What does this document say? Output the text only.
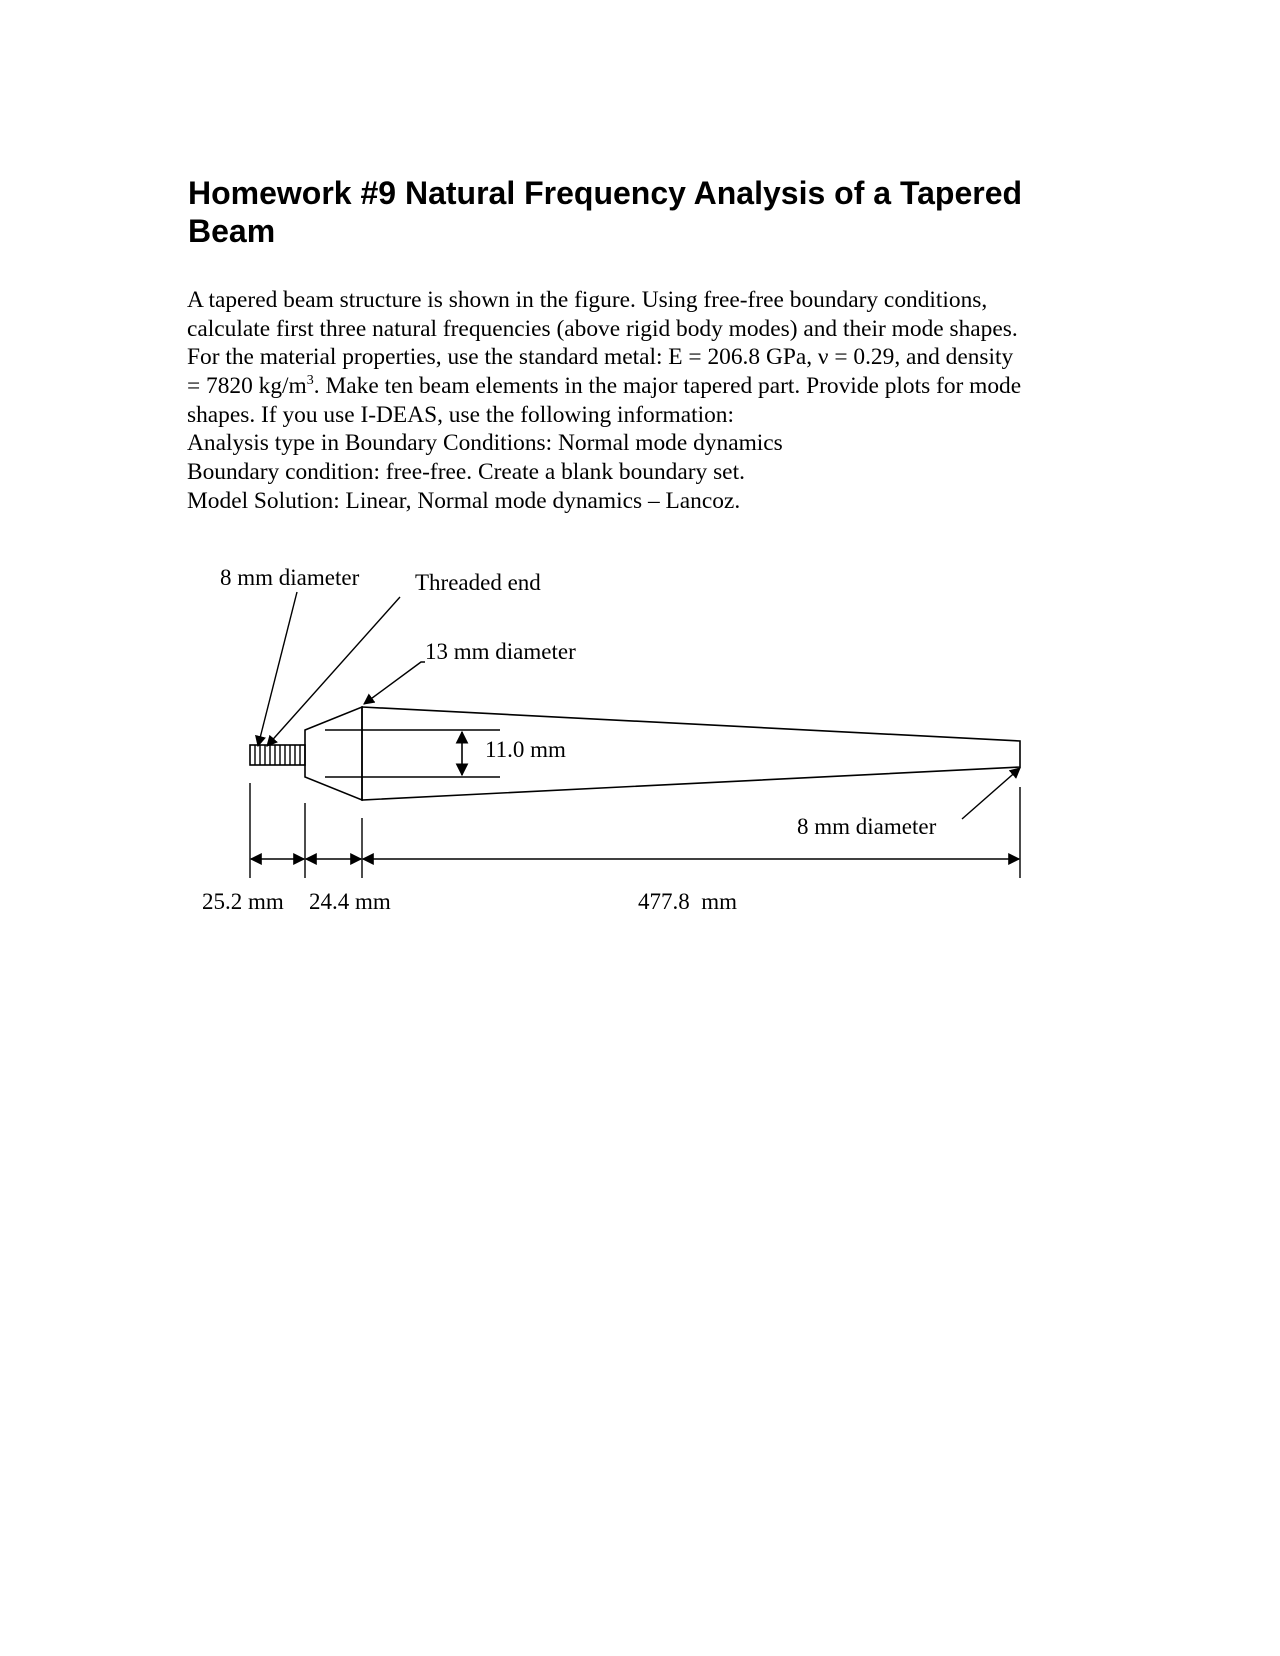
Homework #9 Natural Frequency Analysis of a Tapered Beam
A tapered beam structure is shown in the figure. Using free-free boundary conditions,
calculate first three natural frequencies (above rigid body modes) and their mode shapes.
For the material properties, use the standard metal: E = 206.8 GPa, ν = 0.29, and density
= 7820 $kg/m^3$. Make ten beam elements in the major tapered part. Provide plots for mode
shapes. If you use I-DEAS, use the following information:
Analysis type in Boundary Conditions: Normal mode dynamics
Boundary condition: free-free. Create a blank boundary set.
Model Solution: Linear, Normal mode dynamics – Lancoz.
11.0 mm
8 mm diameter Threaded end
13 mm diameter
8 mm diameter
25.2 mm 24.4 mm	477.8  mm
